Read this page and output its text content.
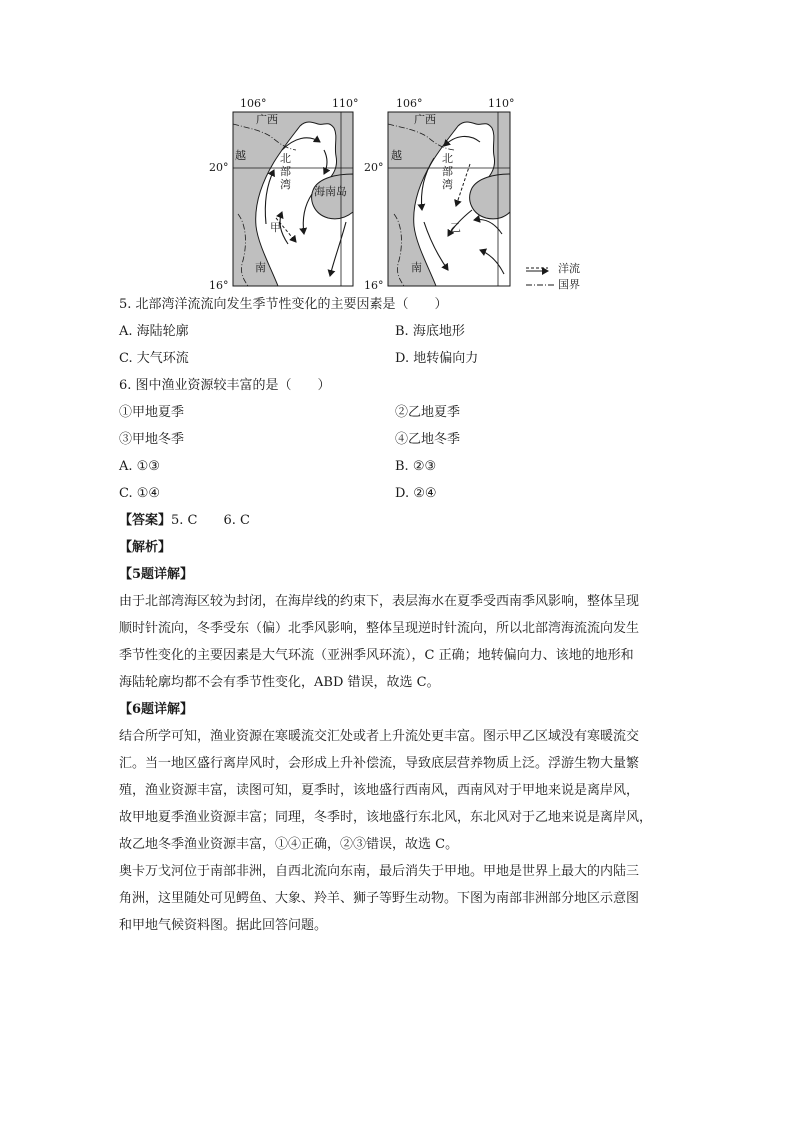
106°	110°
20°
16°
广西
越
南
海南岛
北
部
湾
甲
106°	110°
20°
16°
广西
越
南
北
部
湾
乙
洋流
国界
5. 北部湾洋流流向发生季节性变化的主要因素是（　　）
A. 海陆轮廓	B. 海底地形
C. 大气环流	D. 地转偏向力
6. 图中渔业资源较丰富的是（　　）
①甲地夏季	②乙地夏季
③甲地冬季	④乙地冬季
A. ①③	B. ②③
C. ①④	D. ②④
【答案】5. C　　6. C
【解析】
【5题详解】
由于北部湾海区较为封闭，在海岸线的约束下，表层海水在夏季受西南季风影响，整体呈现
顺时针流向，冬季受东（偏）北季风影响，整体呈现逆时针流向，所以北部湾海流流向发生
季节性变化的主要因素是大气环流（亚洲季风环流），C 正确；地转偏向力、该地的地形和
海陆轮廓均都不会有季节性变化，ABD 错误，故选 C。
【6题详解】
结合所学可知，渔业资源在寒暖流交汇处或者上升流处更丰富。图示甲乙区域没有寒暖流交
汇。当一地区盛行离岸风时，会形成上升补偿流，导致底层营养物质上泛。浮游生物大量繁
殖，渔业资源丰富，读图可知，夏季时，该地盛行西南风，西南风对于甲地来说是离岸风，
故甲地夏季渔业资源丰富；同理，冬季时，该地盛行东北风，东北风对于乙地来说是离岸风，
故乙地冬季渔业资源丰富，①④正确，②③错误，故选 C。
奥卡万戈河位于南部非洲，自西北流向东南，最后消失于甲地。甲地是世界上最大的内陆三
角洲，这里随处可见鳄鱼、大象、羚羊、狮子等野生动物。下图为南部非洲部分地区示意图
和甲地气候资料图。据此回答问题。
